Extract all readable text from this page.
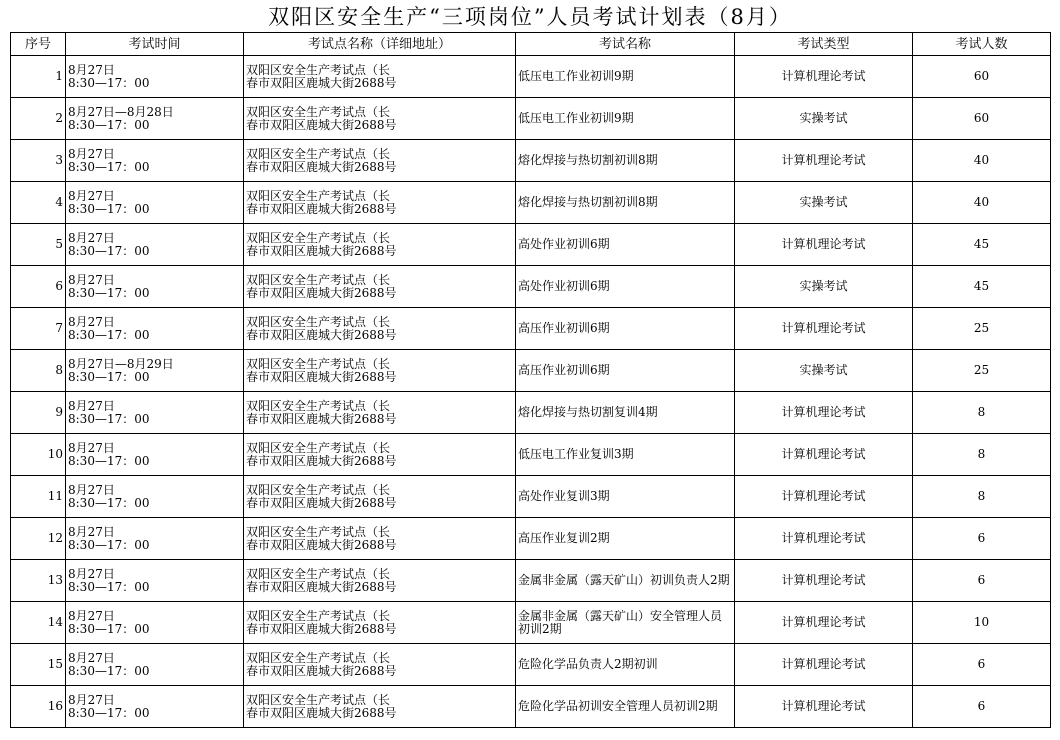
双阳区安全生产“三项岗位”人员考试计划表（8月）
序号	考试时间	考试点名称（详细地址）	考试名称	考试类型	考试人数
1	8月27日
8:30—17：00	双阳区安全生产考试点（长
春市双阳区鹿城大街2688号	低压电工作业初训9期	计算机理论考试	60
2	8月27日—8月28日
8:30—17：00	双阳区安全生产考试点（长
春市双阳区鹿城大街2688号	低压电工作业初训9期	实操考试	60
3	8月27日
8:30—17：00	双阳区安全生产考试点（长
春市双阳区鹿城大街2688号	熔化焊接与热切割初训8期	计算机理论考试	40
4	8月27日
8:30—17：00	双阳区安全生产考试点（长
春市双阳区鹿城大街2688号	熔化焊接与热切割初训8期	实操考试	40
5	8月27日
8:30—17：00	双阳区安全生产考试点（长
春市双阳区鹿城大街2688号	高处作业初训6期	计算机理论考试	45
6	8月27日
8:30—17：00	双阳区安全生产考试点（长
春市双阳区鹿城大街2688号	高处作业初训6期	实操考试	45
7	8月27日
8:30—17：00	双阳区安全生产考试点（长
春市双阳区鹿城大街2688号	高压作业初训6期	计算机理论考试	25
8	8月27日—8月29日
8:30—17：00	双阳区安全生产考试点（长
春市双阳区鹿城大街2688号	高压作业初训6期	实操考试	25
9	8月27日
8:30—17：00	双阳区安全生产考试点（长
春市双阳区鹿城大街2688号	熔化焊接与热切割复训4期	计算机理论考试	8
10	8月27日
8:30—17：00	双阳区安全生产考试点（长
春市双阳区鹿城大街2688号	低压电工作业复训3期	计算机理论考试	8
11	8月27日
8:30—17：00	双阳区安全生产考试点（长
春市双阳区鹿城大街2688号	高处作业复训3期	计算机理论考试	8
12	8月27日
8:30—17：00	双阳区安全生产考试点（长
春市双阳区鹿城大街2688号	高压作业复训2期	计算机理论考试	6
13	8月27日
8:30—17：00	双阳区安全生产考试点（长
春市双阳区鹿城大街2688号	金属非金属（露天矿山）初训负责人2期	计算机理论考试	6
14	8月27日
8:30—17：00	双阳区安全生产考试点（长
春市双阳区鹿城大街2688号	金属非金属（露天矿山）安全管理人员初训2期	计算机理论考试	10
15	8月27日
8:30—17：00	双阳区安全生产考试点（长
春市双阳区鹿城大街2688号	危险化学品负责人2期初训	计算机理论考试	6
16	8月27日
8:30—17：00	双阳区安全生产考试点（长
春市双阳区鹿城大街2688号	危险化学品初训安全管理人员初训2期	计算机理论考试	6
